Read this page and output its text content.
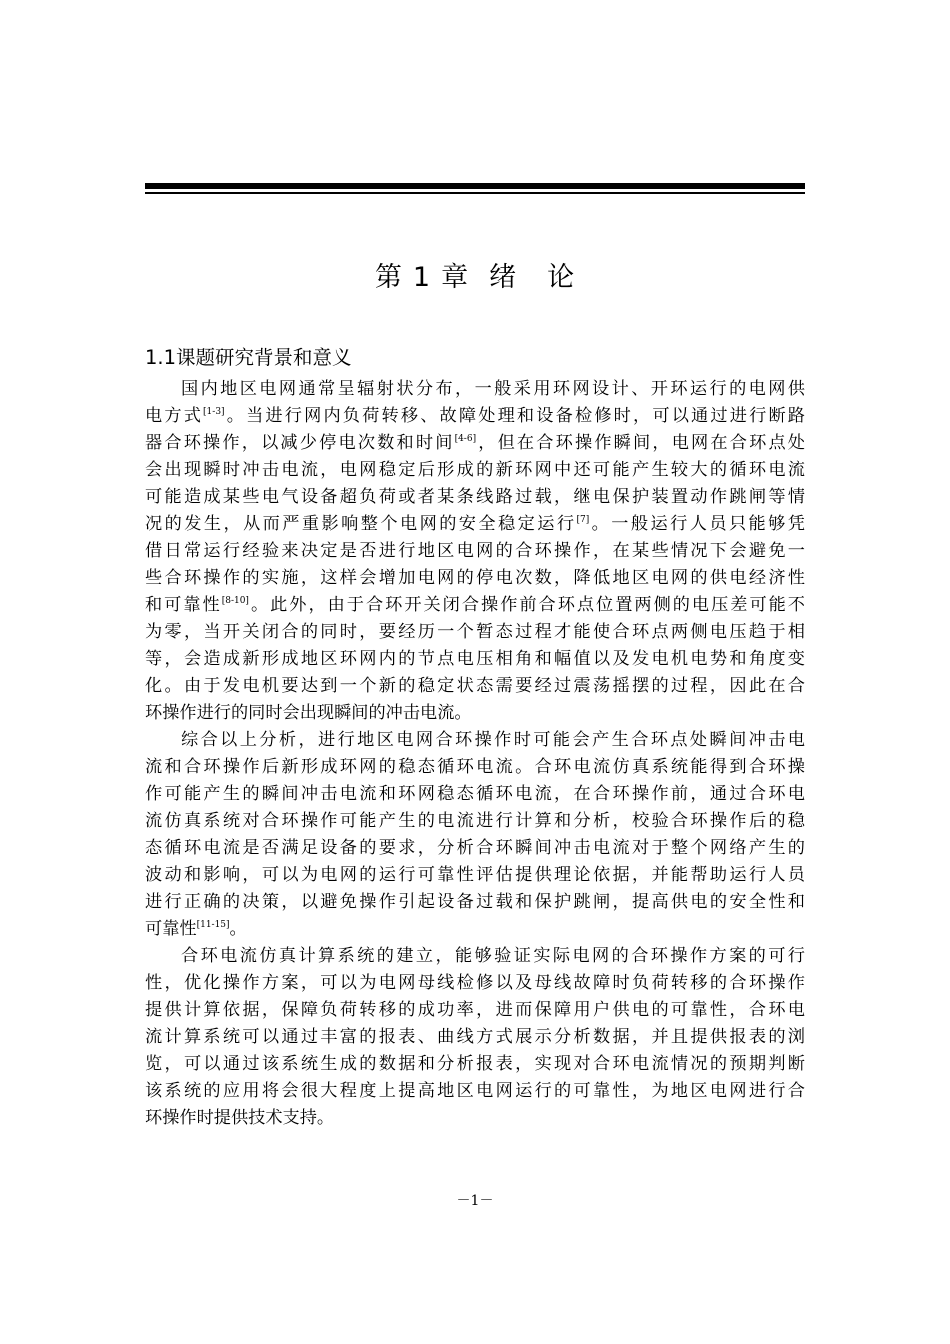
第 1 章 绪 论
1.1课题研究背景和意义
国内地区电网通常呈辐射状分布，一般采用环网设计、开环运行的电网供
电方式[1-3]。当进行网内负荷转移、故障处理和设备检修时，可以通过进行断路
器合环操作，以减少停电次数和时间[4-6]，但在合环操作瞬间，电网在合环点处
会出现瞬时冲击电流，电网稳定后形成的新环网中还可能产生较大的循环电流
可能造成某些电气设备超负荷或者某条线路过载，继电保护装置动作跳闸等情
况的发生，从而严重影响整个电网的安全稳定运行[7]。一般运行人员只能够凭
借日常运行经验来决定是否进行地区电网的合环操作，在某些情况下会避免一
些合环操作的实施，这样会增加电网的停电次数，降低地区电网的供电经济性
和可靠性[8-10]。此外，由于合环开关闭合操作前合环点位置两侧的电压差可能不
为零，当开关闭合的同时，要经历一个暂态过程才能使合环点两侧电压趋于相
等，会造成新形成地区环网内的节点电压相角和幅值以及发电机电势和角度变
化。由于发电机要达到一个新的稳定状态需要经过震荡摇摆的过程，因此在合
环操作进行的同时会出现瞬间的冲击电流。
综合以上分析，进行地区电网合环操作时可能会产生合环点处瞬间冲击电
流和合环操作后新形成环网的稳态循环电流。合环电流仿真系统能得到合环操
作可能产生的瞬间冲击电流和环网稳态循环电流，在合环操作前，通过合环电
流仿真系统对合环操作可能产生的电流进行计算和分析，校验合环操作后的稳
态循环电流是否满足设备的要求，分析合环瞬间冲击电流对于整个网络产生的
波动和影响，可以为电网的运行可靠性评估提供理论依据，并能帮助运行人员
进行正确的决策，以避免操作引起设备过载和保护跳闸，提高供电的安全性和
可靠性[11-15]。
合环电流仿真计算系统的建立，能够验证实际电网的合环操作方案的可行
性，优化操作方案，可以为电网母线检修以及母线故障时负荷转移的合环操作
提供计算依据，保障负荷转移的成功率，进而保障用户供电的可靠性，合环电
流计算系统可以通过丰富的报表、曲线方式展示分析数据，并且提供报表的浏
览，可以通过该系统生成的数据和分析报表，实现对合环电流情况的预期判断
该系统的应用将会很大程度上提高地区电网运行的可靠性，为地区电网进行合
环操作时提供技术支持。
－1－
